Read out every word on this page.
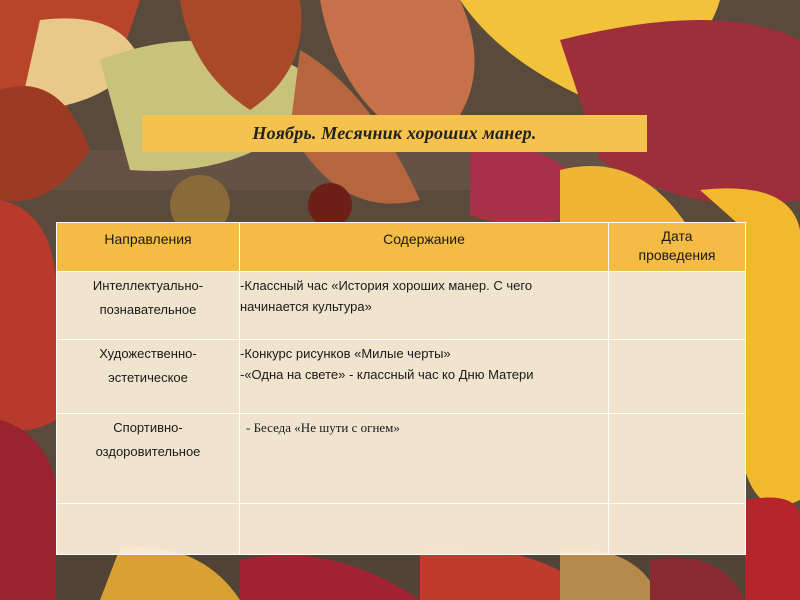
Ноябрь. Месячник хороших манер.
Направления	Содержание	Дата
проведения

Интеллектуально-
познавательное	-Классный час «История хороших манер. С чего
начинается культура»	

Художественно-
эстетическое	-Конкурс рисунков «Милые черты»
-«Одна на свете» - классный час ко Дню Матери	

Спортивно-
оздоровительное	- Беседа «Не шути с огнем»	
